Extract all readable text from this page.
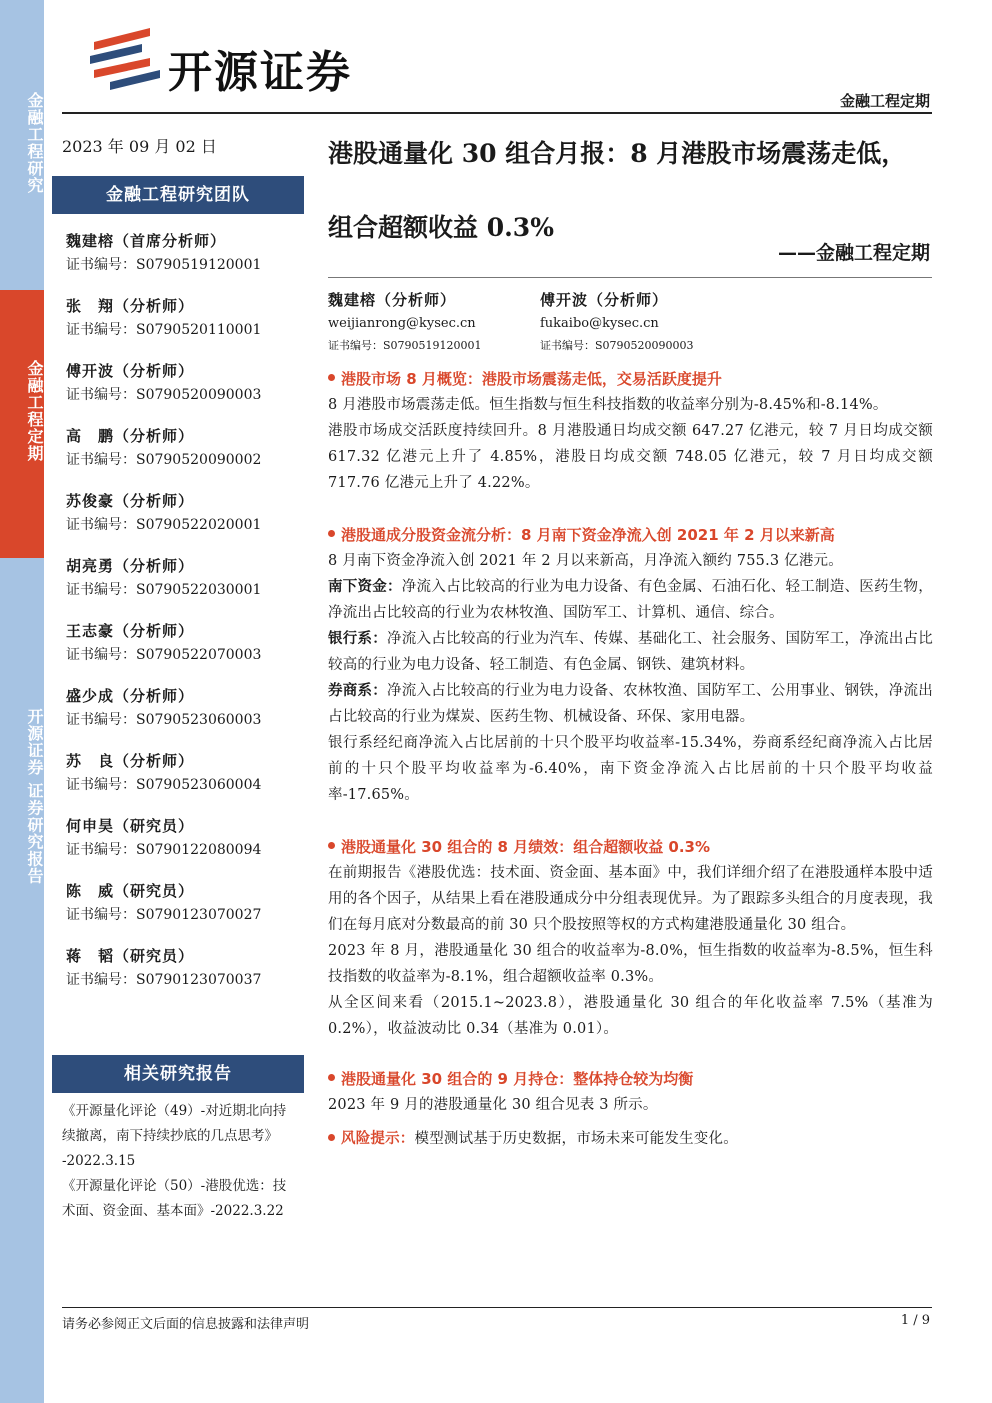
金融工程研究
金融工程定期
开源证券 证券研究报告
开源证券
金融工程定期
2023 年 09 月 02 日
金融工程研究团队
魏建榕（首席分析师）
证书编号：S0790519120001
张　翔（分析师）
证书编号：S0790520110001
傅开波（分析师）
证书编号：S0790520090003
高　鹏（分析师）
证书编号：S0790520090002
苏俊豪（分析师）
证书编号：S0790522020001
胡亮勇（分析师）
证书编号：S0790522030001
王志豪（分析师）
证书编号：S0790522070003
盛少成（分析师）
证书编号：S0790523060003
苏　良（分析师）
证书编号：S0790523060004
何申昊（研究员）
证书编号：S0790122080094
陈　威（研究员）
证书编号：S0790123070027
蒋　韬（研究员）
证书编号：S0790123070037
相关研究报告
《开源量化评论（49）-对近期北向持
续撤离，南下持续抄底的几点思考》
-2022.3.15
《开源量化评论（50）-港股优选：技
术面、资金面、基本面》-2022.3.22
港股通量化 30 组合月报：8 月港股市场震荡走低，
组合超额收益 0.3%
——金融工程定期
魏建榕（分析师）
weijianrong@kysec.cn
证书编号：S0790519120001
傅开波（分析师）
fukaibo@kysec.cn
证书编号：S0790520090003
港股市场 8 月概览：港股市场震荡走低，交易活跃度提升
8 月港股市场震荡走低。恒生指数与恒生科技指数的收益率分别为-8.45%和-8.14%。
港股市场成交活跃度持续回升。8 月港股通日均成交额 647.27 亿港元，较 7 月日均成交额 617.32 亿港元上升了 4.85%，港股日均成交额 748.05 亿港元，较 7 月日均成交额 717.76 亿港元上升了 4.22%。
港股通成分股资金流分析：8 月南下资金净流入创 2021 年 2 月以来新高
8 月南下资金净流入创 2021 年 2 月以来新高，月净流入额约 755.3 亿港元。
南下资金：净流入占比较高的行业为电力设备、有色金属、石油石化、轻工制造、医药生物，净流出占比较高的行业为农林牧渔、国防军工、计算机、通信、综合。
银行系：净流入占比较高的行业为汽车、传媒、基础化工、社会服务、国防军工，净流出占比较高的行业为电力设备、轻工制造、有色金属、钢铁、建筑材料。
券商系：净流入占比较高的行业为电力设备、农林牧渔、国防军工、公用事业、钢铁，净流出占比较高的行业为煤炭、医药生物、机械设备、环保、家用电器。
银行系经纪商净流入占比居前的十只个股平均收益率-15.34%，券商系经纪商净流入占比居前的十只个股平均收益率为-6.40%，南下资金净流入占比居前的十只个股平均收益率-17.65%。
港股通量化 30 组合的 8 月绩效：组合超额收益 0.3%
在前期报告《港股优选：技术面、资金面、基本面》中，我们详细介绍了在港股通样本股中适用的各个因子，从结果上看在港股通成分中分组表现优异。为了跟踪多头组合的月度表现，我们在每月底对分数最高的前 30 只个股按照等权的方式构建港股通量化 30 组合。
2023 年 8 月，港股通量化 30 组合的收益率为-8.0%，恒生指数的收益率为-8.5%，恒生科技指数的收益率为-8.1%，组合超额收益率 0.3%。
从全区间来看（2015.1~2023.8），港股通量化 30 组合的年化收益率 7.5%（基准为 0.2%），收益波动比 0.34（基准为 0.01）。
港股通量化 30 组合的 9 月持仓：整体持仓较为均衡
2023 年 9 月的港股通量化 30 组合见表 3 所示。
风险提示：模型测试基于历史数据，市场未来可能发生变化。
请务必参阅正文后面的信息披露和法律声明	1 / 9
